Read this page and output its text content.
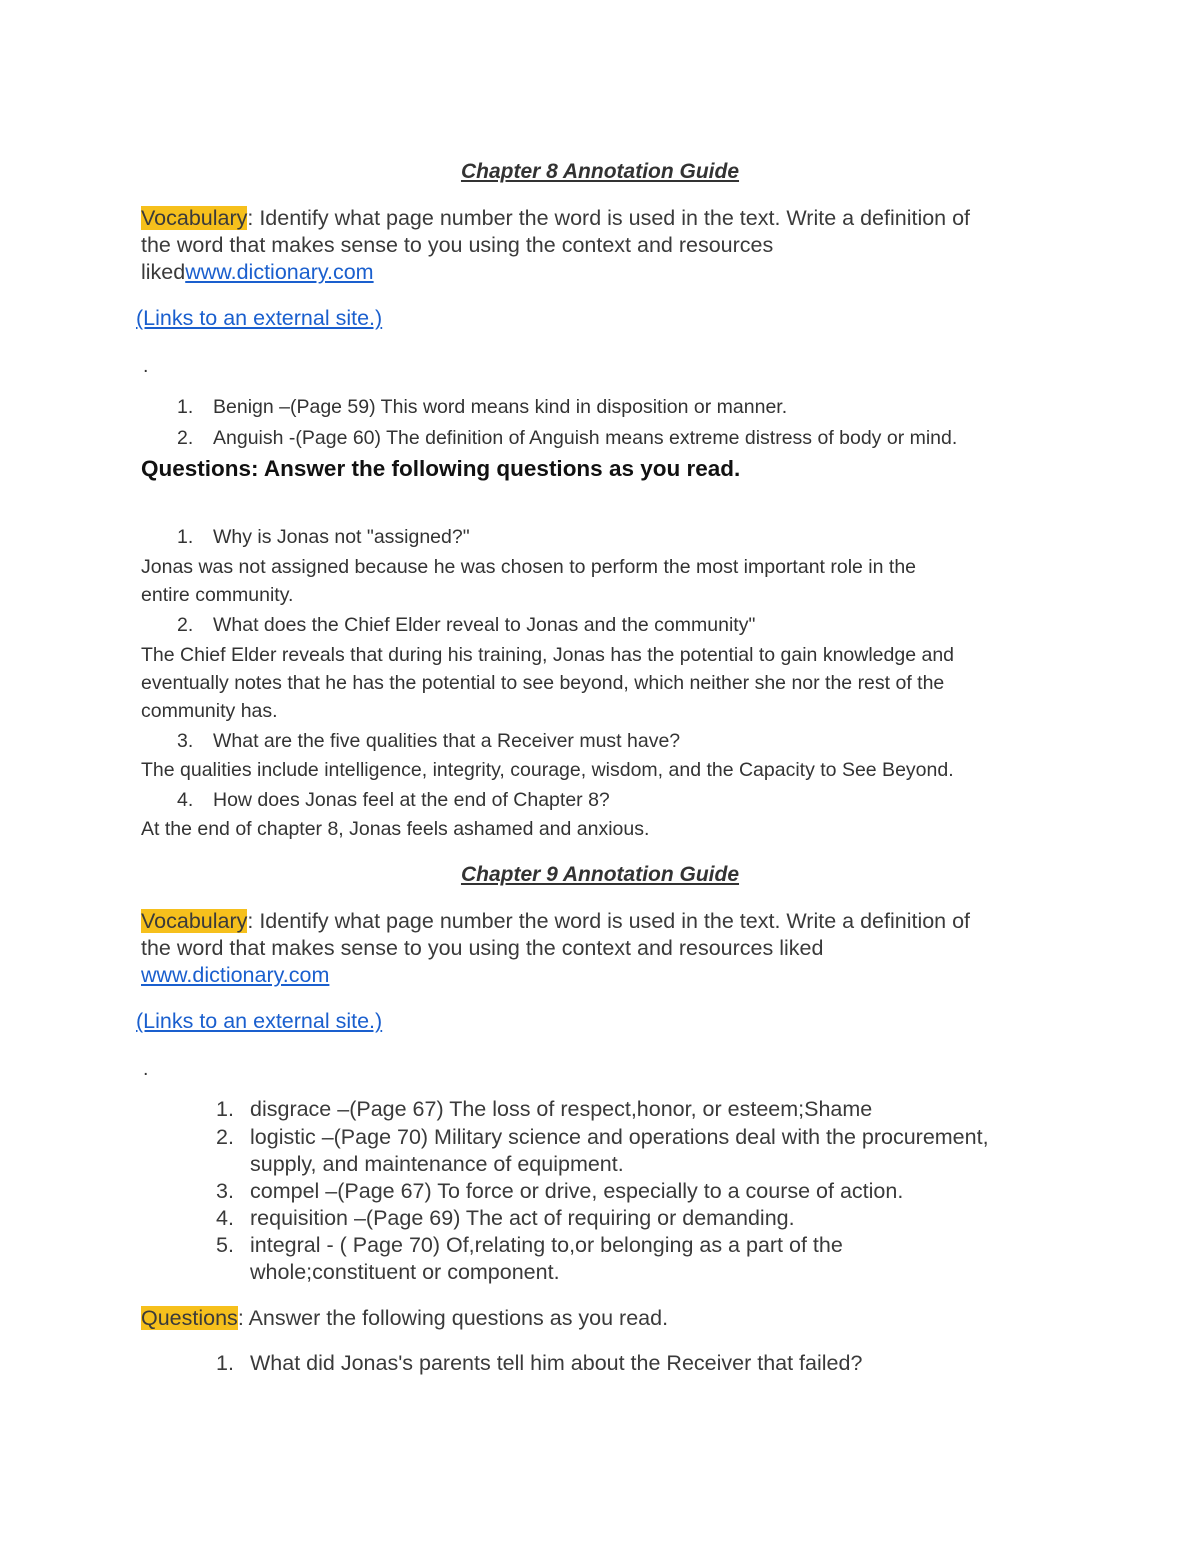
Chapter 8 Annotation Guide
Vocabulary: Identify what page number the word is used in the text. Write a definition of
the word that makes sense to you using the context and resources
likedwww.dictionary.com
(Links to an external site.)
.
1. Benign –(Page 59) This word means kind in disposition or manner.
2. Anguish -(Page 60) The definition of Anguish means extreme distress of body or mind.
Questions: Answer the following questions as you read.
1. Why is Jonas not "assigned?"
Jonas was not assigned because he was chosen to perform the most important role in the
entire community.
2. What does the Chief Elder reveal to Jonas and the community"
The Chief Elder reveals that during his training, Jonas has the potential to gain knowledge and
eventually notes that he has the potential to see beyond, which neither she nor the rest of the
community has.
3. What are the five qualities that a Receiver must have?
The qualities include intelligence, integrity, courage, wisdom, and the Capacity to See Beyond.
4. How does Jonas feel at the end of Chapter 8?
At the end of chapter 8, Jonas feels ashamed and anxious.
Chapter 9 Annotation Guide
Vocabulary: Identify what page number the word is used in the text. Write a definition of
the word that makes sense to you using the context and resources liked
www.dictionary.com
(Links to an external site.)
.
1. disgrace –(Page 67) The loss of respect,honor, or esteem;Shame
2. logistic –(Page 70) Military science and operations deal with the procurement,
supply, and maintenance of equipment.
3. compel –(Page 67) To force or drive, especially to a course of action.
4. requisition –(Page 69) The act of requiring or demanding.
5. integral - ( Page 70) Of,relating to,or belonging as a part of the
whole;constituent or component.
Questions: Answer the following questions as you read.
1. What did Jonas's parents tell him about the Receiver that failed?
